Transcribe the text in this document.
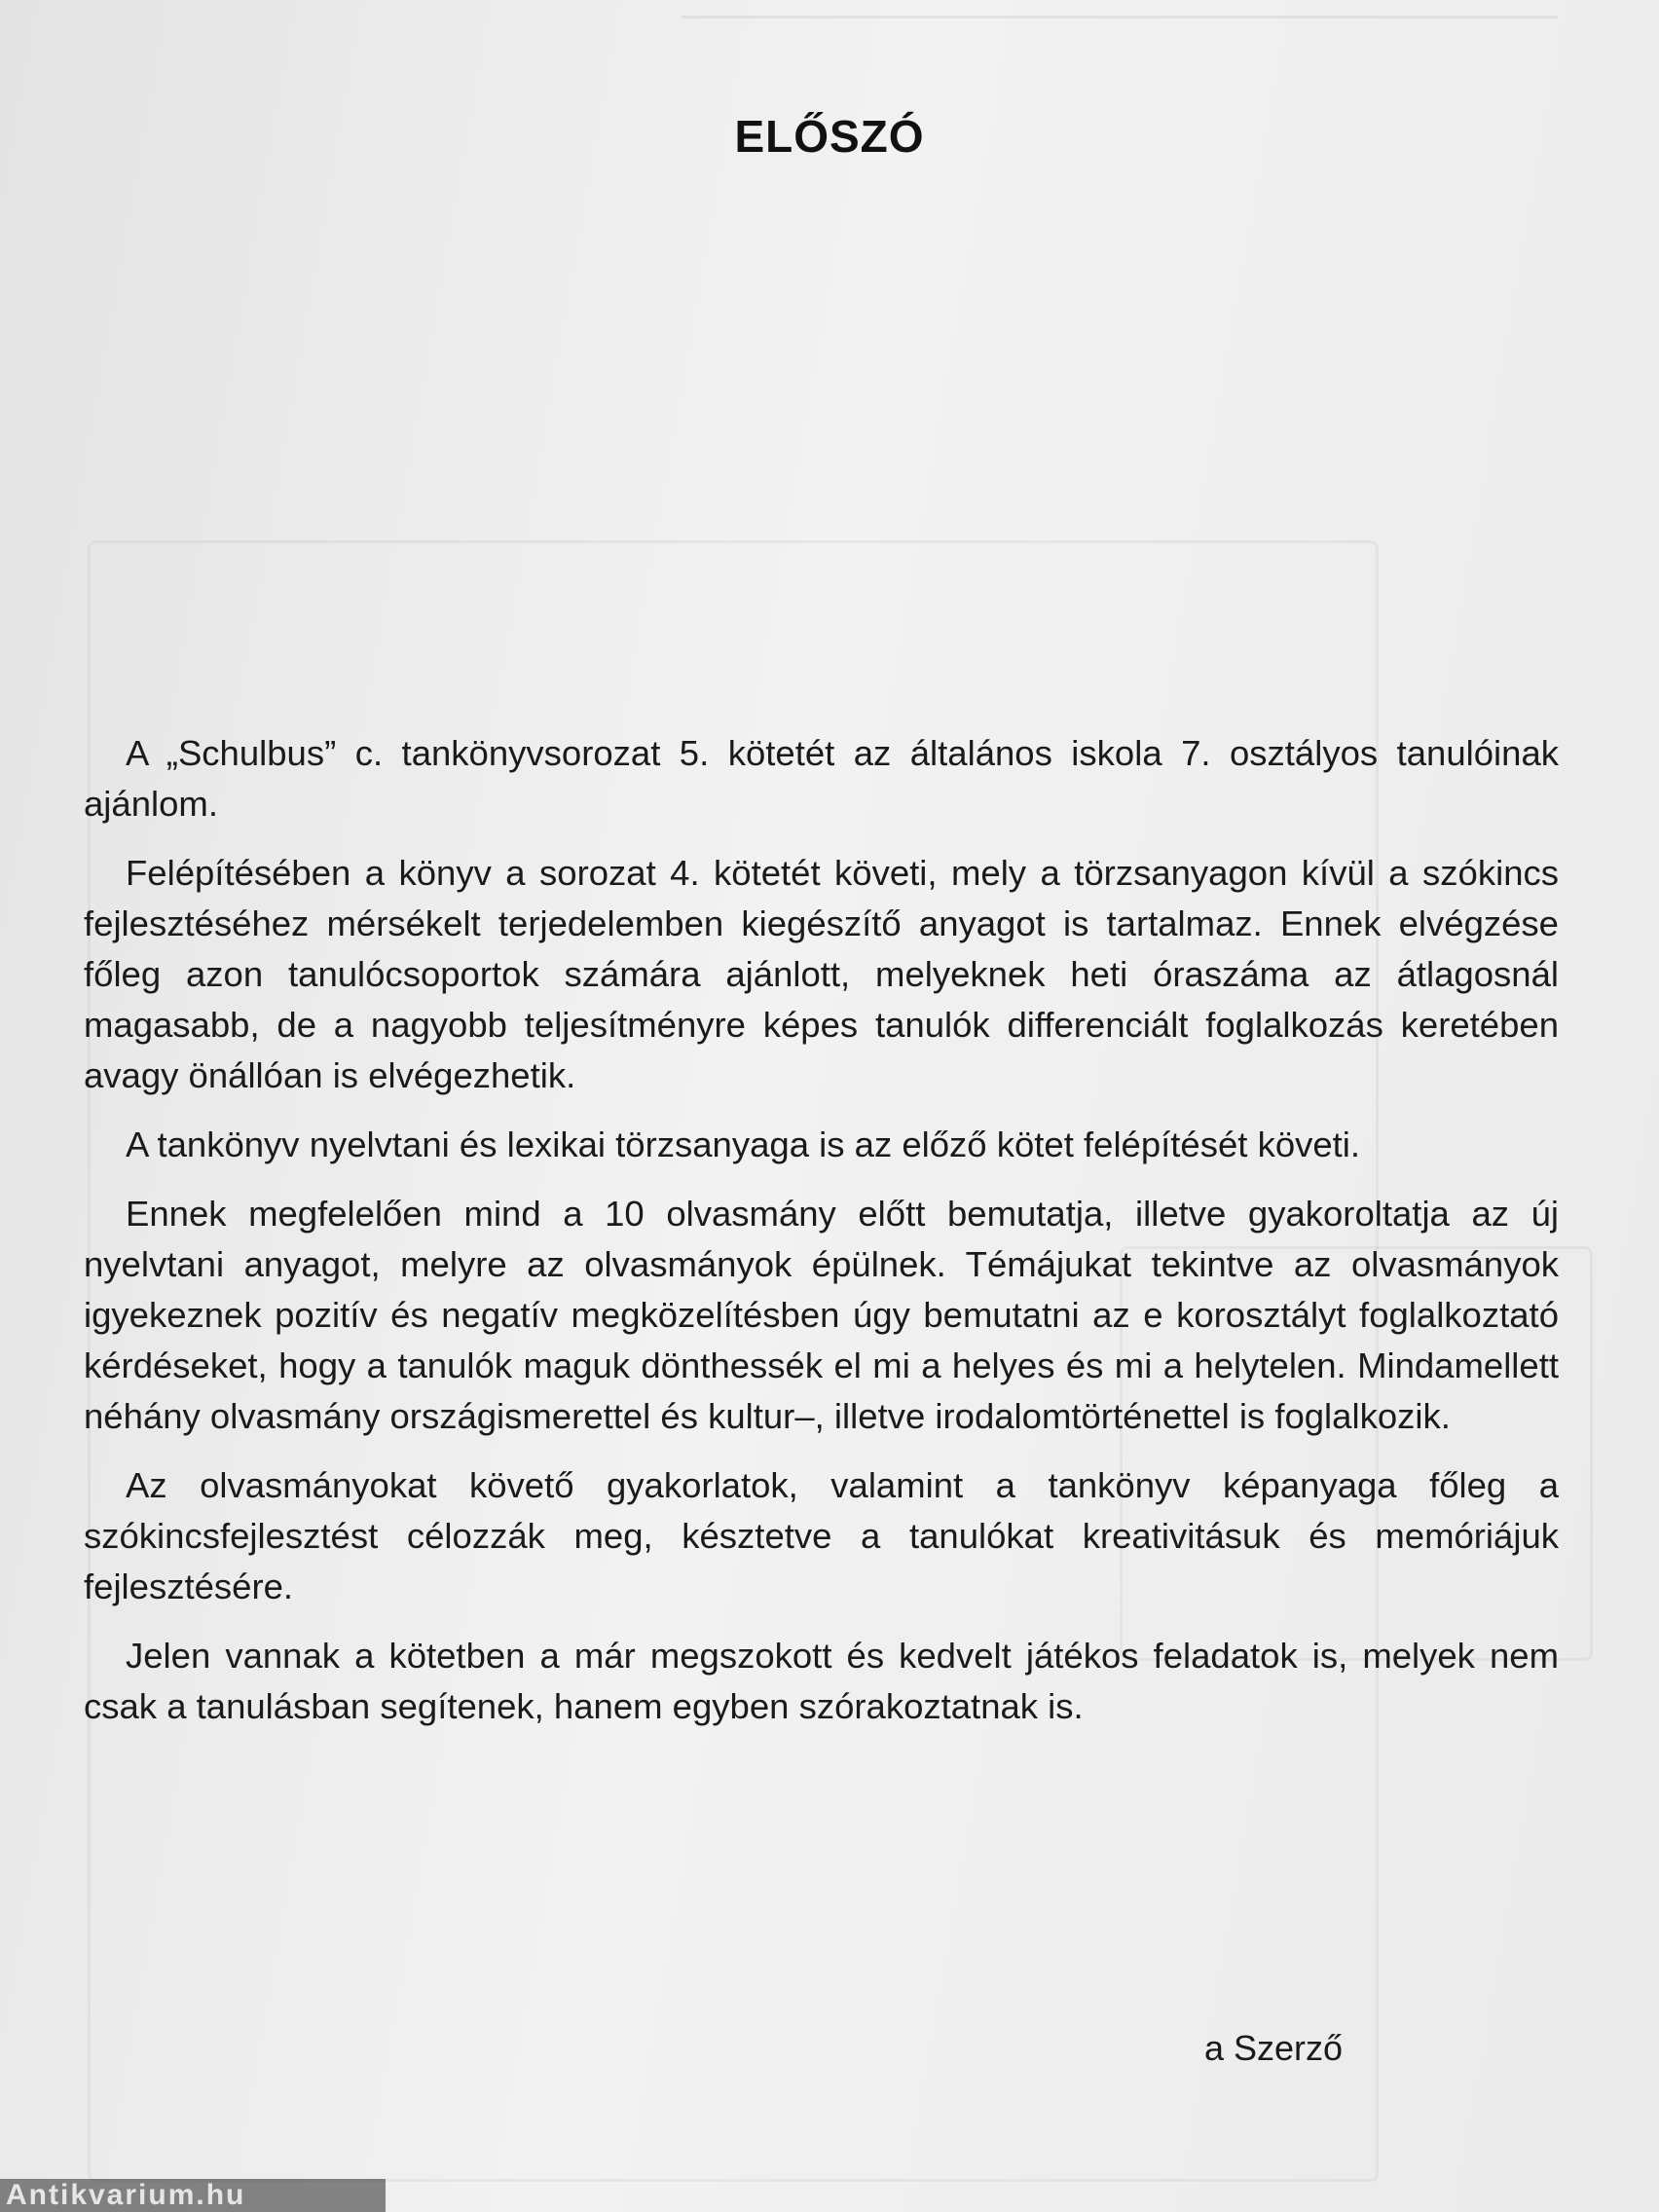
ELŐSZÓ

A „Schulbus” c. tankönyvsorozat 5. kötetét az általános iskola 7. osztályos tanulóinak ajánlom.

Felépítésében a könyv a sorozat 4. kötetét követi, mely a törzsanyagon kívül a szókincs fejlesztéséhez mérsékelt terjedelemben kiegészítő anyagot is tartalmaz. Ennek elvégzése főleg azon tanulócsoportok számára ajánlott, melyeknek heti óraszáma az átlagosnál magasabb, de a nagyobb teljesítményre képes tanulók differenciált foglalkozás keretében avagy önállóan is elvégezhetik.

A tankönyv nyelvtani és lexikai törzsanyaga is az előző kötet felépítését követi.

Ennek megfelelően mind a 10 olvasmány előtt bemutatja, illetve gyakoroltatja az új nyelvtani anyagot, melyre az olvasmányok épülnek. Témájukat tekintve az olvasmányok igyekeznek pozitív és negatív megközelítésben úgy bemutatni az e korosztályt foglalkoztató kérdéseket, hogy a tanulók maguk dönthessék el mi a helyes és mi a helytelen. Mindamellett néhány olvasmány országismerettel és kultur–, illetve irodalomtörténettel is foglalkozik.

Az olvasmányokat követő gyakorlatok, valamint a tankönyv képanyaga főleg a szókincsfejlesztést célozzák meg, késztetve a tanulókat kreativitásuk és memóriájuk fejlesztésére.

Jelen vannak a kötetben a már megszokott és kedvelt játékos feladatok is, melyek nem csak a tanulásban segítenek, hanem egyben szórakoztatnak is.

a Szerző
Antikvarium.hu
